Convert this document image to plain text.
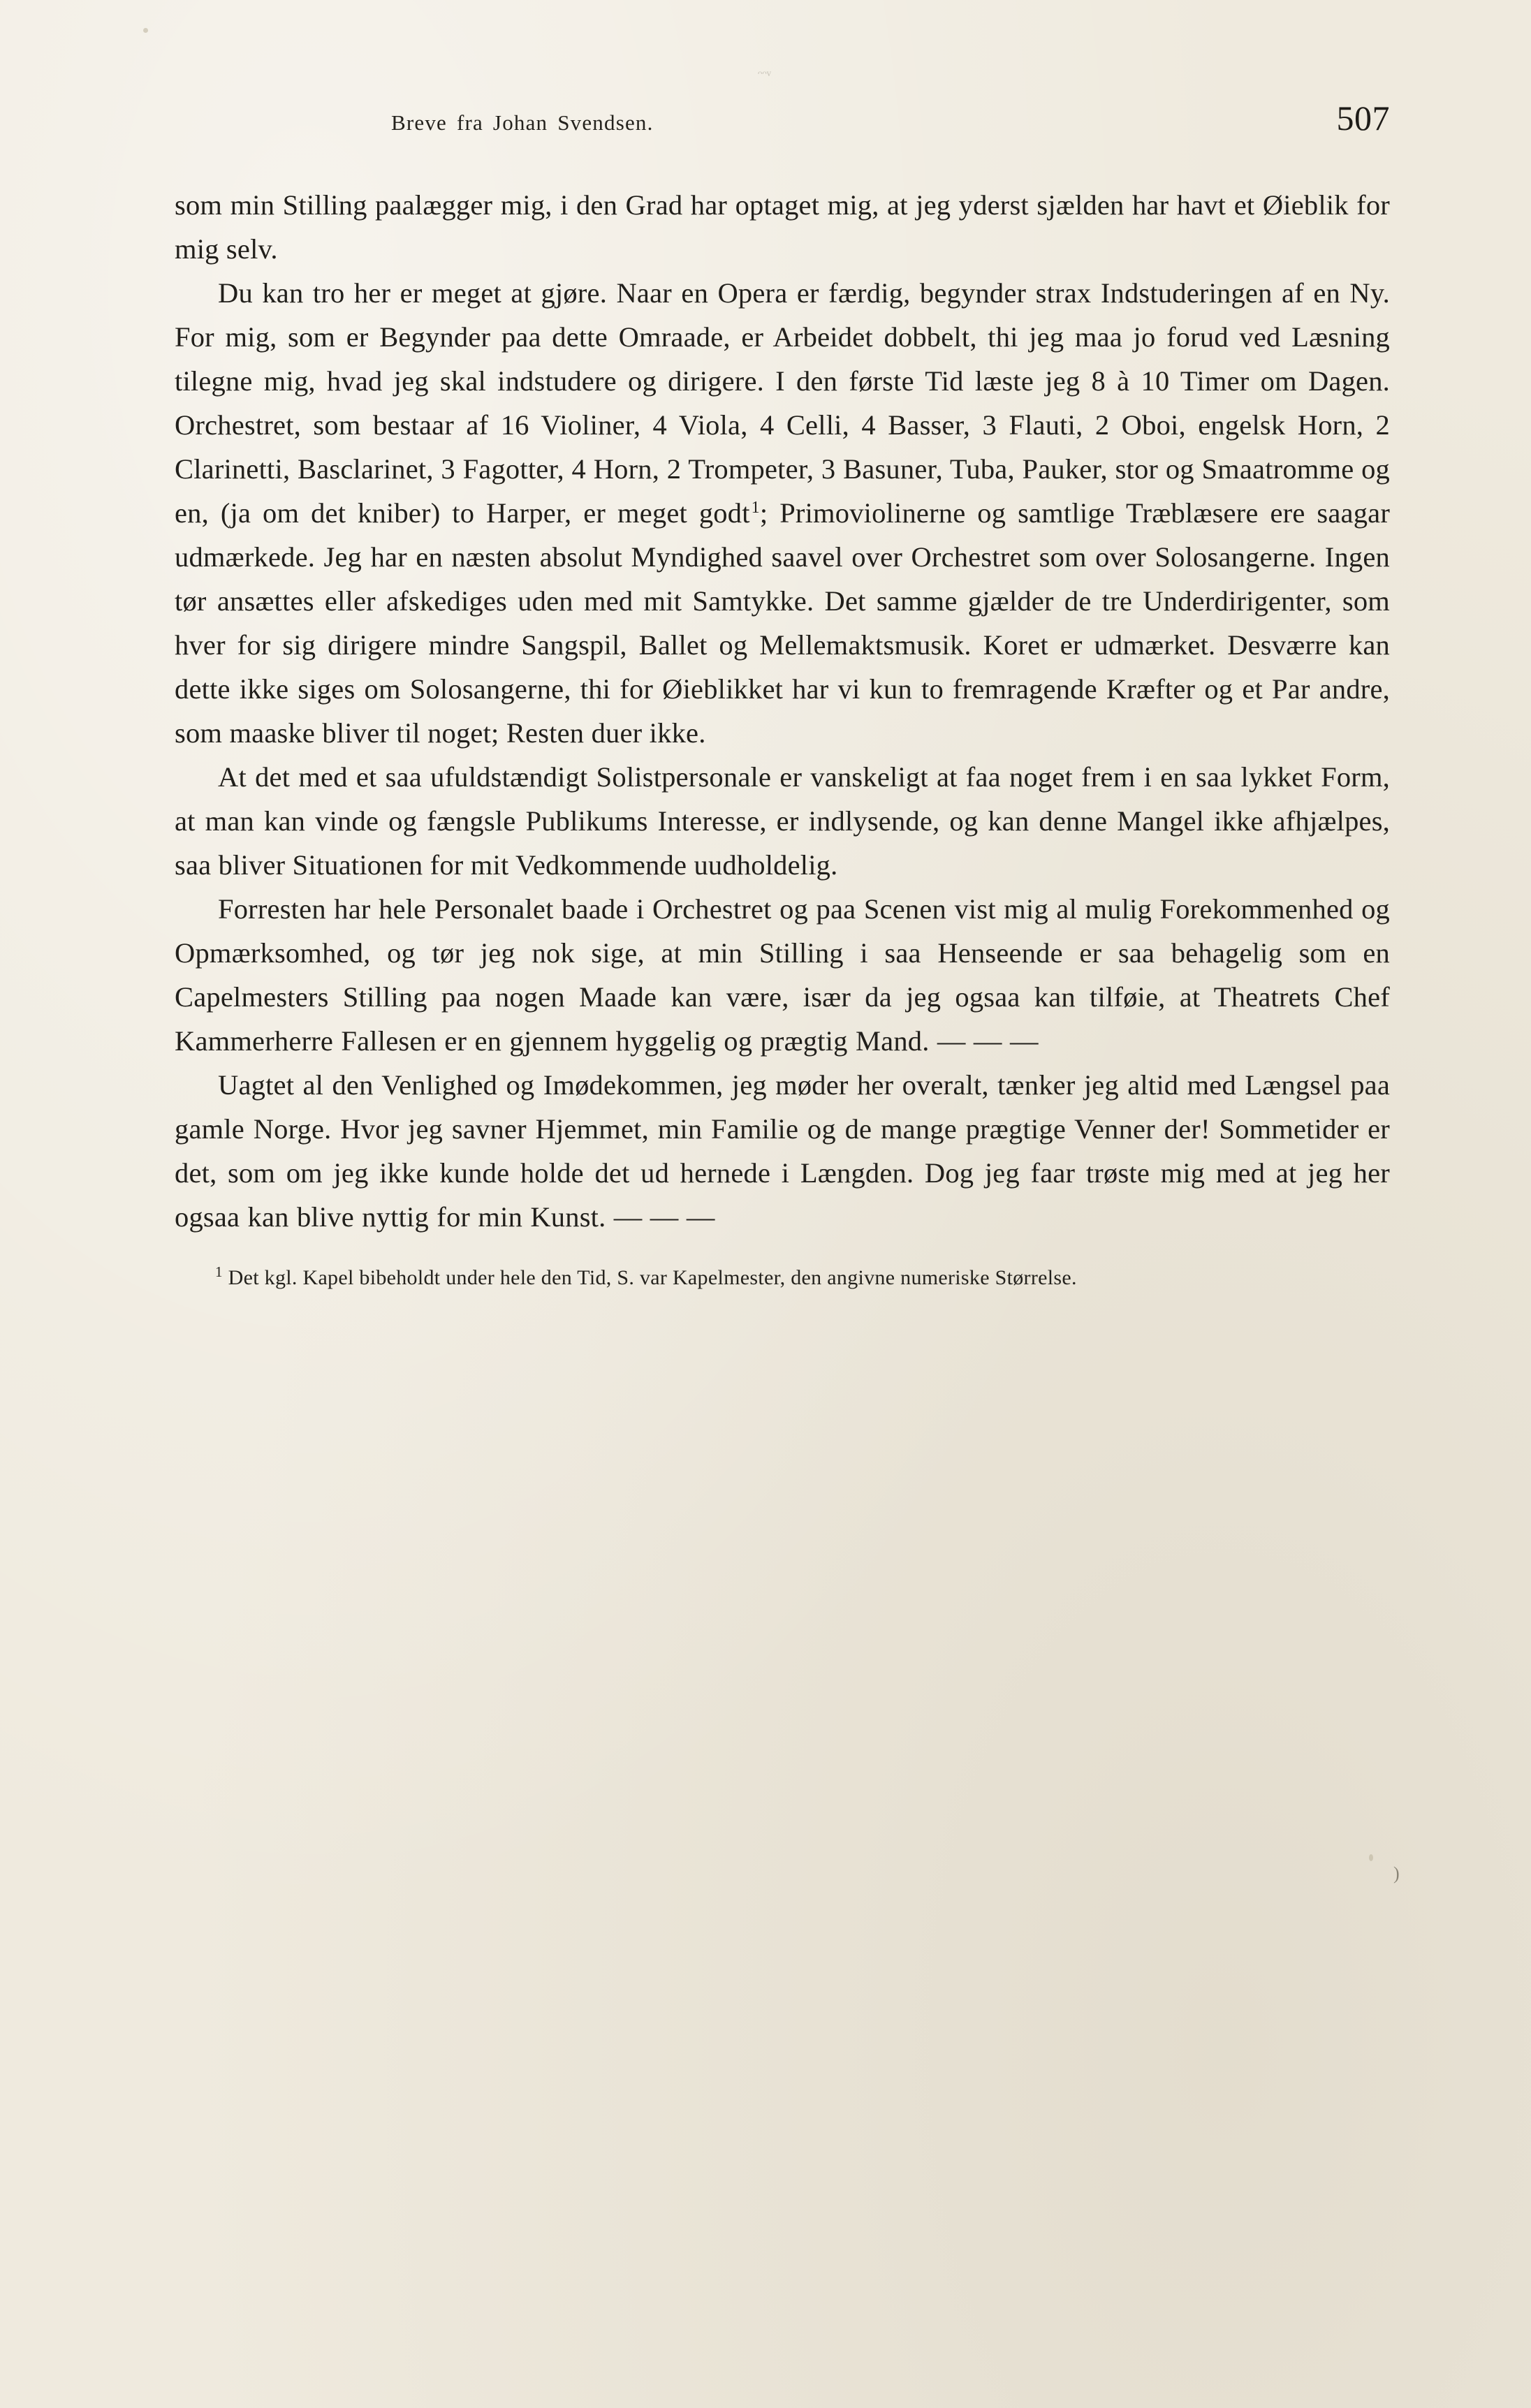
ᵔᵔᵛ
)
Breve fra Johan Svendsen.	507

som min Stilling paalægger mig, i den Grad har optaget mig, at jeg yderst sjælden har havt et Øieblik for mig selv.

Du kan tro her er meget at gjøre. Naar en Opera er færdig, begynder strax Indstuderingen af en Ny. For mig, som er Begynder paa dette Omraade, er Arbeidet dobbelt, thi jeg maa jo forud ved Læsning tilegne mig, hvad jeg skal indstudere og dirigere. I den første Tid læste jeg 8 à 10 Timer om Dagen. Orchestret, som bestaar af 16 Violiner, 4 Viola, 4 Celli, 4 Basser, 3 Flauti, 2 Oboi, engelsk Horn, 2 Clarinetti, Basclarinet, 3 Fagotter, 4 Horn, 2 Trompeter, 3 Basuner, Tuba, Pauker, stor og Smaatromme og en, (ja om det kniber) to Harper, er meget godt$^1$; Primoviolinerne og samtlige Træblæsere ere saagar udmærkede. Jeg har en næsten absolut Myndighed saavel over Orchestret som over Solosangerne. Ingen tør ansættes eller afskediges uden med mit Samtykke. Det samme gjælder de tre Underdirigenter, som hver for sig dirigere mindre Sangspil, Ballet og Mellemaktsmusik. Koret er udmærket. Desværre kan dette ikke siges om Solosangerne, thi for Øieblikket har vi kun to fremragende Kræfter og et Par andre, som maaske bliver til noget; Resten duer ikke.

At det med et saa ufuldstændigt Solistpersonale er vanskeligt at faa noget frem i en saa lykket Form, at man kan vinde og fængsle Publikums Interesse, er indlysende, og kan denne Mangel ikke afhjælpes, saa bliver Situationen for mit Vedkommende uudholdelig.

Forresten har hele Personalet baade i Orchestret og paa Scenen vist mig al mulig Forekommenhed og Opmærksomhed, og tør jeg nok sige, at min Stilling i saa Henseende er saa behagelig som en Capelmesters Stilling paa nogen Maade kan være, især da jeg ogsaa kan tilføie, at Theatrets Chef Kammerherre Fallesen er en gjennem hyggelig og prægtig Mand. — — —

Uagtet al den Venlighed og Imødekommen, jeg møder her overalt, tænker jeg altid med Længsel paa gamle Norge. Hvor jeg savner Hjemmet, min Familie og de mange prægtige Venner der! Sommetider er det, som om jeg ikke kunde holde det ud hernede i Længden. Dog jeg faar trøste mig med at jeg her ogsaa kan blive nyttig for min Kunst. — — —

$^1$ Det kgl. Kapel bibeholdt under hele den Tid, S. var Kapelmester, den angivne numeriske Størrelse.
